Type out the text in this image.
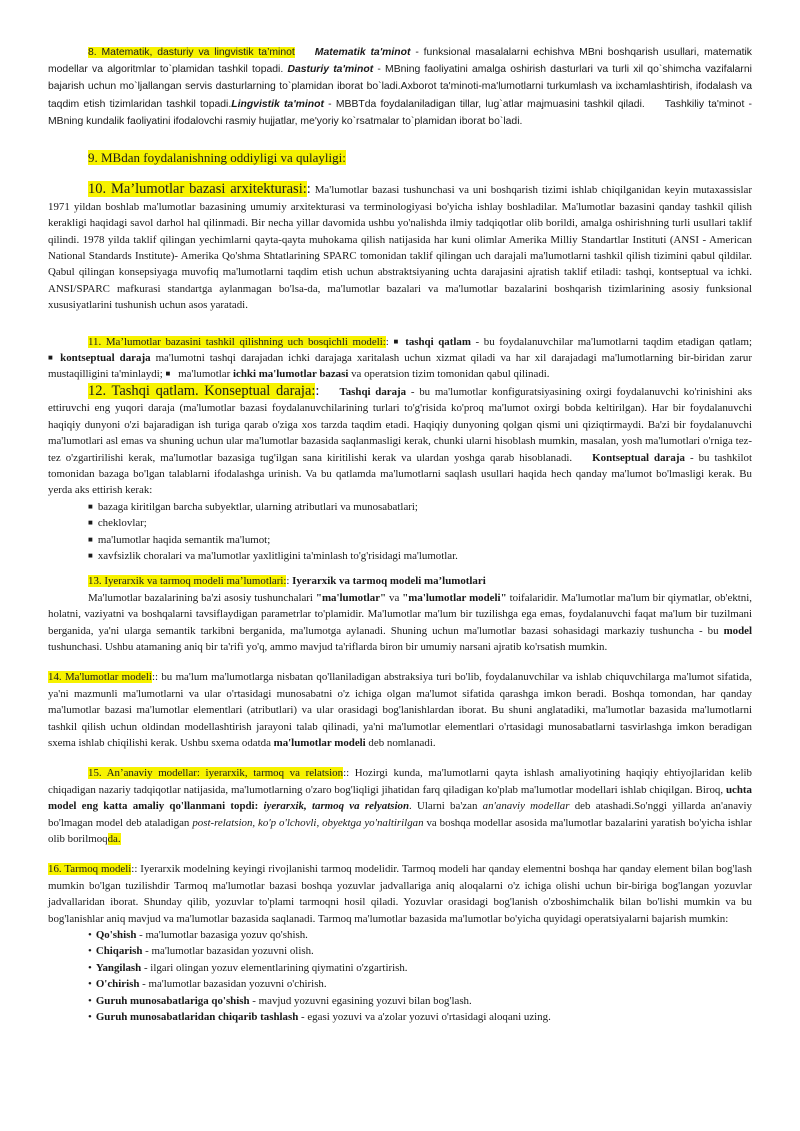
8. Matematik, dasturiy va lingvistik ta’minot Matematik ta'minot - funksional masalalarni echishva MBni boshqarish usullari, matematik modellar va algoritmlar to`plamidan tashkil topadi. Dasturiy ta'minot - MBning faoliyatini amalga oshirish dasturlari va turli xil qo`shimcha vazifalarni bajarish uchun mo`ljallangan servis dasturlarning to`plamidan iborat bo`ladi.Axborot ta'minoti-ma'lumotlarni turkumlash va ixchamlashtirish, ifodalash va taqdim etish tizimlaridan tashkil topadi.Lingvistik ta'minot - MBBTda foydalaniladigan tillar, lug`atlar majmuasini tashkil qiladi. Tashkiliy ta'minot -MBning kundalik faoliyatini ifodalovchi rasmiy hujjatlar, me'yoriy ko`rsatmalar to`plamidan iborat bo`ladi.

9. MBdan foydalanishning oddiyligi va qulayligi:

10. Ma’lumotlar bazasi arxitekturasi:: Ma'lumotlar bazasi tushunchasi va uni boshqarish tizimi ishlab chiqilganidan keyin mutaxassislar 1971 yildan boshlab ma'lumotlar bazasining umumiy arxitekturasi va terminologiyasi bo'yicha ishlay boshladilar. Ma'lumotlar bazasini qanday tashkil qilish kerakligi haqidagi savol darhol hal qilinmadi. Bir necha yillar davomida ushbu yo'nalishda ilmiy tadqiqotlar olib borildi, amalga oshirishning turli usullari taklif qilindi. 1978 yilda taklif qilingan yechimlarni qayta-qayta muhokama qilish natijasida har kuni olimlar Amerika Milliy Standartlar Instituti (ANSI - American National Standards Institute)- Amerika Qo'shma Shtatlarining SPARC tomonidan taklif qilingan uch darajali ma'lumotlarni tashkil qilish tizimini qabul qildilar. Qabul qilingan konsepsiyaga muvofiq ma'lumotlarni taqdim etish uchun abstraktsiyaning uchta darajasini ajratish taklif etiladi: tashqi, kontseptual va ichki. ANSI/SPARC mafkurasi standartga aylanmagan bo'lsa-da, ma'lumotlar bazalari va ma'lumotlar bazalarini boshqarish tizimlarining asosiy funksional xususiyatlarini tushunish uchun asos yaratadi.

11. Ma’lumotlar bazasini tashkil qilishning uch bosqichli modeli:: ■ tashqi qatlam - bu foydalanuvchilar ma'lumotlarni taqdim etadigan qatlam; ■ kontseptual daraja ma'lumotni tashqi darajadan ichki darajaga xaritalash uchun xizmat qiladi va har xil darajadagi ma'lumotlarning bir-biridan zarur mustaqilligini ta'minlaydi; ■ ma'lumotlar ichki ma'lumotlar bazasi va operatsion tizim tomonidan qabul qilinadi.

12. Tashqi qatlam. Konseptual daraja:: Tashqi daraja - bu ma'lumotlar konfiguratsiyasining oxirgi foydalanuvchi ko'rinishini aks ettiruvchi eng yuqori daraja (ma'lumotlar bazasi foydalanuvchilarining turlari to'g'risida ko'proq ma'lumot oxirgi bobda keltirilgan). Har bir foydalanuvchi haqiqiy dunyoni o'zi bajaradigan ish turiga qarab o'ziga xos tarzda taqdim etadi. Haqiqiy dunyoning qolgan qismi uni qiziqtirmaydi. Ba'zi bir foydalanuvchi ma'lumotlari asl emas va shuning uchun ular ma'lumotlar bazasida saqlanmasligi kerak, chunki ularni hisoblash mumkin, masalan, yosh ma'lumotlari o'rniga tez-tez o'zgartirilishi kerak, ma'lumotlar bazasiga tug'ilgan sana kiritilishi kerak va ulardan yoshga qarab hisoblanadi. Kontseptual daraja - bu tashkilot tomonidan bazaga bo'lgan talablarni ifodalashga urinish. Va bu qatlamda ma'lumotlarni saqlash usullari haqida hech qanday ma'lumot bo'lmasligi kerak. Bu yerda aks ettirish kerak:

■ bazaga kiritilgan barcha subyektlar, ularning atributlari va munosabatlari;
■ cheklovlar;
■ ma'lumotlar haqida semantik ma'lumot;
■ xavfsizlik choralari va ma'lumotlar yaxlitligini ta'minlash to'g'risidagi ma'lumotlar.

13. Iyerarxik va tarmoq modeli ma’lumotlari:: Iyerarxik va tarmoq modeli ma’lumotlari

Ma'lumotlar bazalarining ba'zi asosiy tushunchalari "ma'lumotlar" va "ma'lumotlar modeli" toifalaridir. Ma'lumotlar ma'lum bir qiymatlar, ob'ektni, holatni, vaziyatni va boshqalarni tavsiflaydigan parametrlar to'plamidir. Ma'lumotlar ma'lum bir tuzilishga ega emas, foydalanuvchi faqat ma'lum bir tuzilmani berganida, ya'ni ularga semantik tarkibni berganida, ma'lumotga aylanadi. Shuning uchun ma'lumotlar bazasi sohasidagi markaziy tushuncha - bu model tushunchasi. Ushbu atamaning aniq bir ta'rifi yo'q, ammo mavjud ta'riflarda biron bir umumiy narsani ajratib ko'rsatish mumkin.

14. Ma'lumotlar modeli:: bu ma'lum ma'lumotlarga nisbatan qo'llaniladigan abstraksiya turi bo'lib, foydalanuvchilar va ishlab chiquvchilarga ma'lumot sifatida, ya'ni mazmunli ma'lumotlarni va ular o'rtasidagi munosabatni o'z ichiga olgan ma'lumot sifatida qarashga imkon beradi. Boshqa tomondan, har qanday ma'lumotlar bazasi ma'lumotlar elementlari (atributlari) va ular orasidagi bog'lanishlardan iborat. Bu shuni anglatadiki, ma'lumotlar bazasida ma'lumotlarni tashkil qilish uchun oldindan modellashtirish jarayoni talab qilinadi, ya'ni ma'lumotlar elementlari o'rtasidagi munosabatlarni tasvirlashga imkon beradigan sxema ishlab chiqilishi kerak. Ushbu sxema odatda ma'lumotlar modeli deb nomlanadi.

15. An’anaviy modellar: iyerarxik, tarmoq va relatsion:: Hozirgi kunda, ma'lumotlarni qayta ishlash amaliyotining haqiqiy ehtiyojlaridan kelib chiqadigan nazariy tadqiqotlar natijasida, ma'lumotlarning o'zaro bog'liqligi jihatidan farq qiladigan ko'plab ma'lumotlar modellari ishlab chiqilgan. Biroq, uchta model eng katta amaliy qo'llanmani topdi: iyerarxik, tarmoq va relyatsion. Ularni ba'zan an'anaviy modellar deb atashadi.So'nggi yillarda an'anaviy bo'lmagan model deb ataladigan post-relatsion, ko'p o'lchovli, obyektga yo'naltirilgan va boshqa modellar asosida ma'lumotlar bazalarini yaratish bo'yicha ishlar olib borilmoqda.

16. Tarmoq modeli:: Iyerarxik modelning keyingi rivojlanishi tarmoq modelidir. Tarmoq modeli har qanday elementni boshqa har qanday element bilan bog'lash mumkin bo'lgan tuzilishdir Tarmoq ma'lumotlar bazasi boshqa yozuvlar jadvallariga aniq aloqalarni o'z ichiga olishi uchun bir-biriga bog'langan yozuvlar jadvallaridan iborat. Shunday qilib, yozuvlar to'plami tarmoqni hosil qiladi. Yozuvlar orasidagi bog'lanish o'zboshimchalik bilan bo'lishi mumkin va bu bog'lanishlar aniq mavjud va ma'lumotlar bazasida saqlanadi. Tarmoq ma'lumotlar bazasida ma'lumotlar bo'yicha quyidagi operatsiyalarni bajarish mumkin:

• Qo'shish - ma'lumotlar bazasiga yozuv qo'shish.
• Chiqarish - ma'lumotlar bazasidan yozuvni olish.
• Yangilash - ilgari olingan yozuv elementlarining qiymatini o'zgartirish.
• O'chirish - ma'lumotlar bazasidan yozuvni o'chirish.
• Guruh munosabatlariga qo'shish - mavjud yozuvni egasining yozuvi bilan bog'lash.
• Guruh munosabatlaridan chiqarib tashlash - egasi yozuvi va a'zolar yozuvi o'rtasidagi aloqani uzing.
